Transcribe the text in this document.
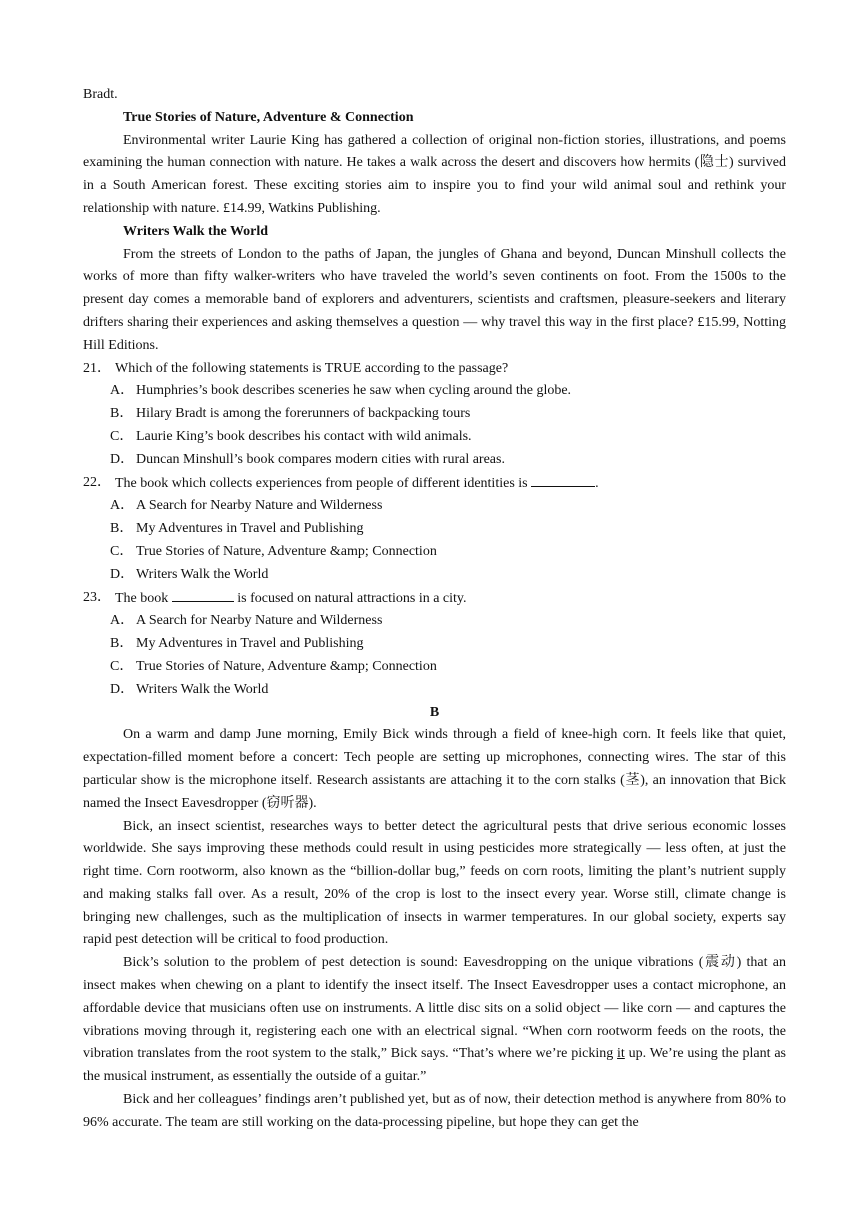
Bradt.

True Stories of Nature, Adventure & Connection

Environmental writer Laurie King has gathered a collection of original non-fiction stories, illustrations, and poems examining the human connection with nature. He takes a walk across the desert and discovers how hermits (隐士) survived in a South American forest. These exciting stories aim to inspire you to find your wild animal soul and rethink your relationship with nature. £14.99, Watkins Publishing.

Writers Walk the World

From the streets of London to the paths of Japan, the jungles of Ghana and beyond, Duncan Minshull collects the works of more than fifty walker-writers who have traveled the world’s seven continents on foot. From the 1500s to the present day comes a memorable band of explorers and adventurers, scientists and craftsmen, pleasure-seekers and literary drifters sharing their experiences and asking themselves a question — why travel this way in the first place? £15.99, Notting Hill Editions.

21． Which of the following statements is TRUE according to the passage?
A． Humphries’s book describes sceneries he saw when cycling around the globe.
B． Hilary Bradt is among the forerunners of backpacking tours
C． Laurie King’s book describes his contact with wild animals.
D． Duncan Minshull’s book compares modern cities with rural areas.
22． The book which collects experiences from people of different identities is	.
A． A Search for Nearby Nature and Wilderness
B． My Adventures in Travel and Publishing
C． True Stories of Nature, Adventure &amp; Connection
D． Writers Walk the World
23． The book	is focused on natural attractions in a city.
A． A Search for Nearby Nature and Wilderness
B． My Adventures in Travel and Publishing
C． True Stories of Nature, Adventure &amp; Connection
D． Writers Walk the World

B

On a warm and damp June morning, Emily Bick winds through a field of knee-high corn. It feels like that quiet, expectation-filled moment before a concert: Tech people are setting up microphones, connecting wires. The star of this particular show is the microphone itself. Research assistants are attaching it to the corn stalks (茎), an innovation that Bick named the Insect Eavesdropper (窃听器).

Bick, an insect scientist, researches ways to better detect the agricultural pests that drive serious economic losses worldwide. She says improving these methods could result in using pesticides more strategically — less often, at just the right time. Corn rootworm, also known as the “billion-dollar bug,” feeds on corn roots, limiting the plant’s nutrient supply and making stalks fall over. As a result, 20% of the crop is lost to the insect every year. Worse still, climate change is bringing new challenges, such as the multiplication of insects in warmer temperatures. In our global society, experts say rapid pest detection will be critical to food production.

Bick’s solution to the problem of pest detection is sound: Eavesdropping on the unique vibrations (震动) that an insect makes when chewing on a plant to identify the insect itself. The Insect Eavesdropper uses a contact microphone, an affordable device that musicians often use on instruments. A little disc sits on a solid object — like corn — and captures the vibrations moving through it, registering each one with an electrical signal. “When corn rootworm feeds on the roots, the vibration translates from the root system to the stalk,” Bick says. “That’s where we’re picking it up. We’re using the plant as the musical instrument, as essentially the outside of a guitar.”

Bick and her colleagues’ findings aren’t published yet, but as of now, their detection method is anywhere from 80% to 96% accurate. The team are still working on the data-processing pipeline, but hope they can get the
